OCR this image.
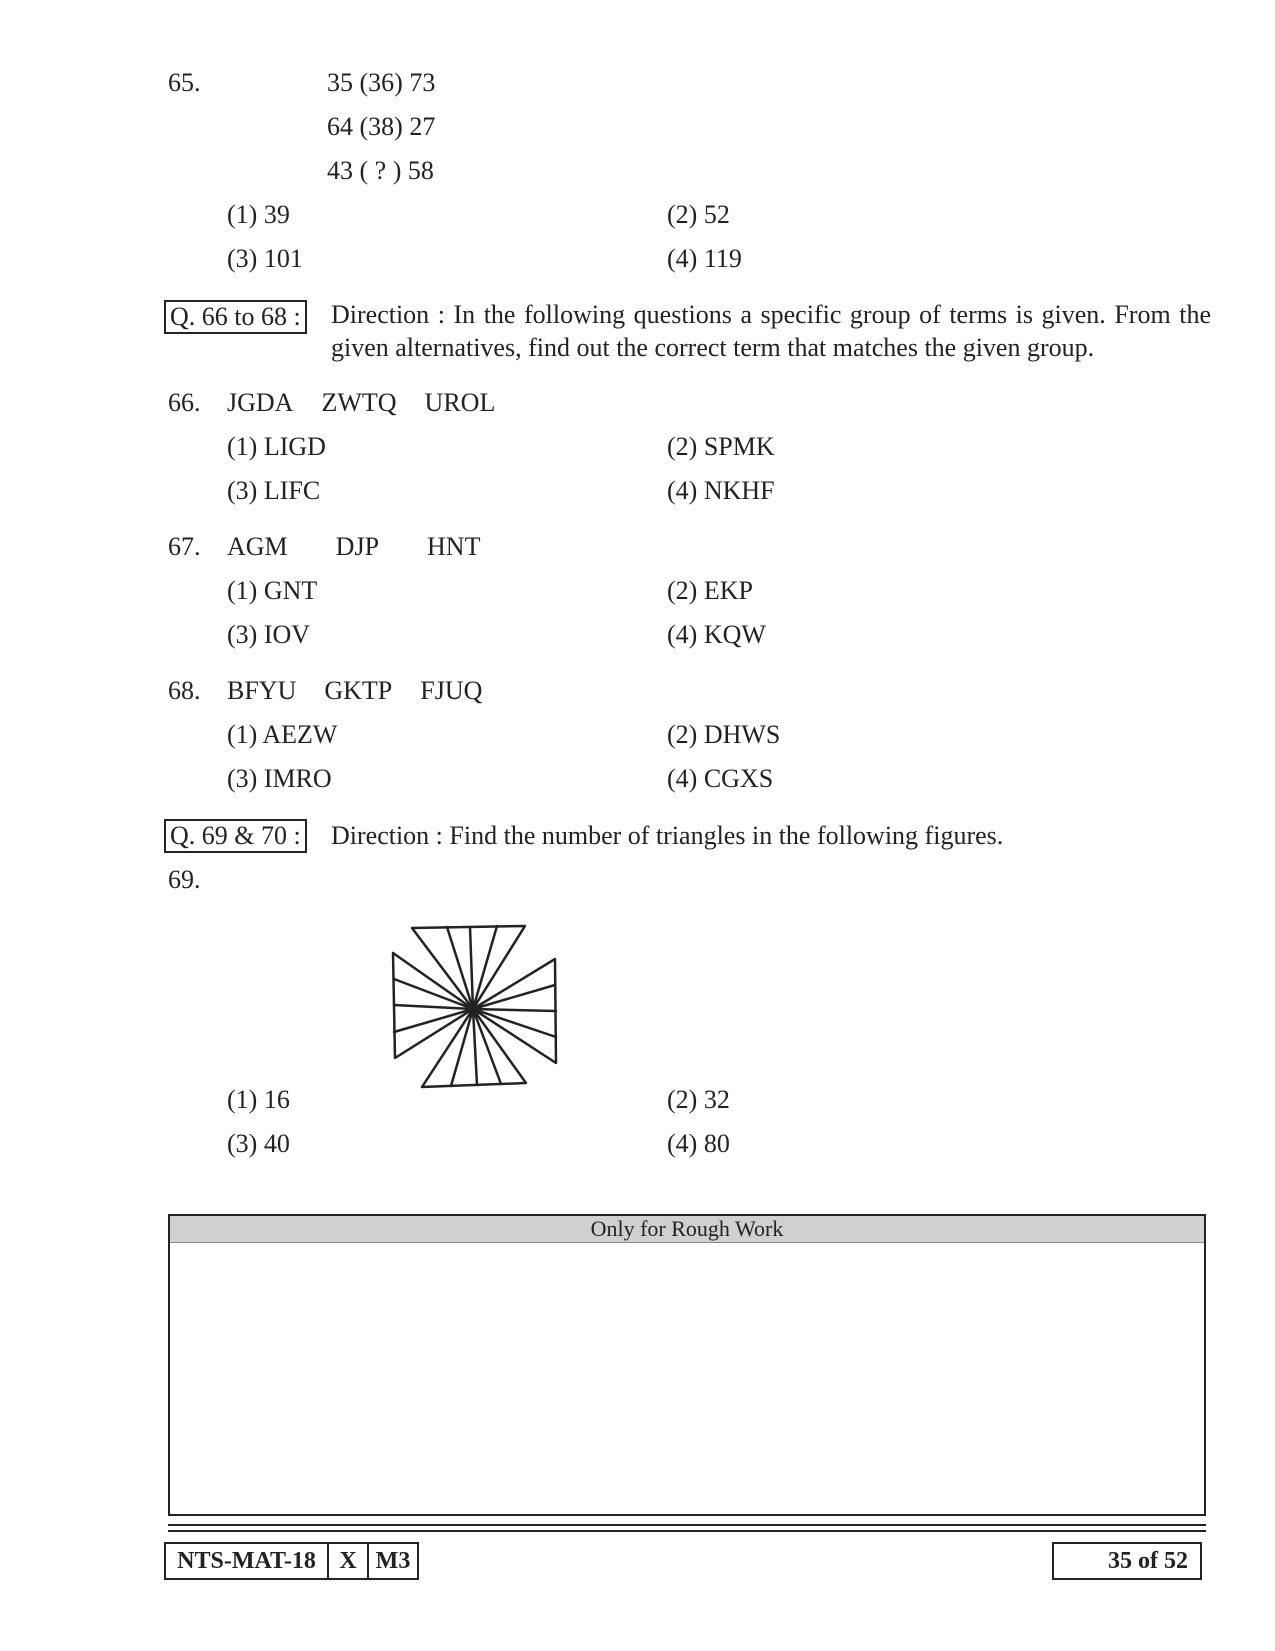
65.	35 (36) 73
64 (38) 27
43 ( ? ) 58
(1) 39	(2) 52
(3) 101	(4) 119
Q. 66 to 68 : Direction : In the following questions a specific group of terms is given. From the given alternatives, find out the correct term that matches the given group.
66. JGDA ZWTQ UROL
(1) LIGD	(2) SPMK
(3) LIFC	(4) NKHF
67. AGM DJP HNT
(1) GNT	(2) EKP
(3) IOV	(4) KQW
68. BFYU GKTP FJUQ
(1) AEZW	(2) DHWS
(3) IMRO	(4) CGXS
Q. 69 & 70 : Direction : Find the number of triangles in the following figures.
69.
(1) 16	(2) 32
(3) 40	(4) 80
Only for Rough Work
NTS-MAT-18 X M3	35 of 52
